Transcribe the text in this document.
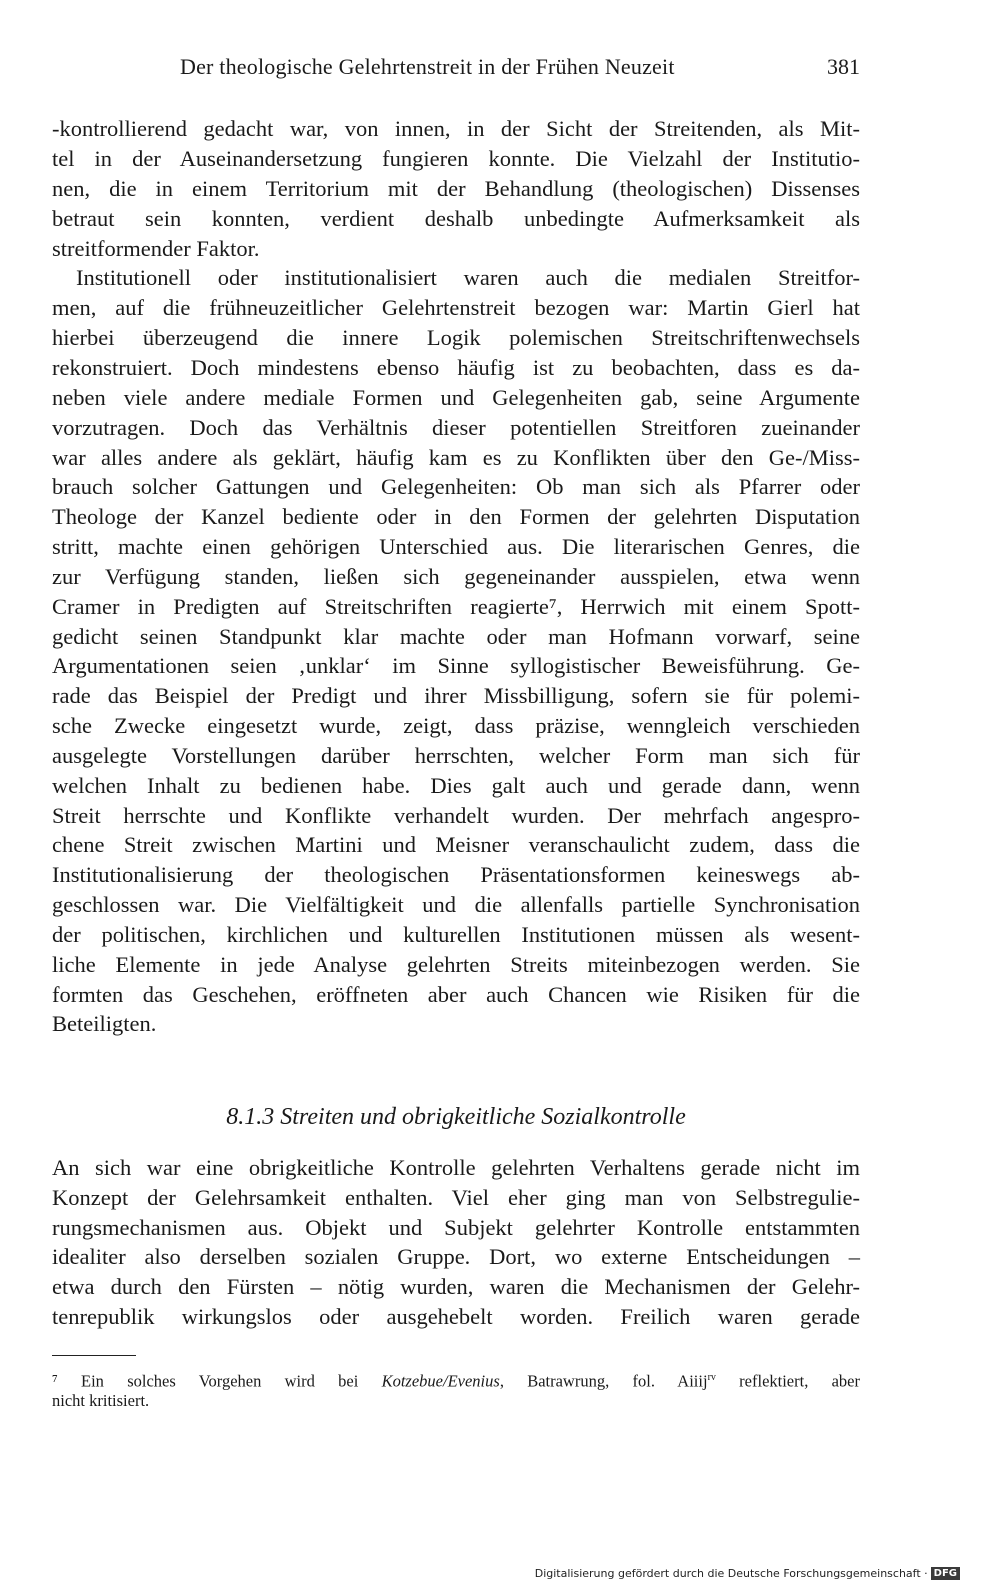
Der theologische Gelehrtenstreit in der Frühen Neuzeit	381
-kontrollierend gedacht war, von innen, in der Sicht der Streitenden, als Mit-
tel in der Auseinandersetzung fungieren konnte. Die Vielzahl der Institutio-
nen, die in einem Territorium mit der Behandlung (theologischen) Dissenses
betraut sein konnten, verdient deshalb unbedingte Aufmerksamkeit als
streitformender Faktor.
Institutionell oder institutionalisiert waren auch die medialen Streitfor-
men, auf die frühneuzeitlicher Gelehrtenstreit bezogen war: Martin Gierl hat
hierbei überzeugend die innere Logik polemischen Streitschriftenwechsels
rekonstruiert. Doch mindestens ebenso häufig ist zu beobachten, dass es da-
neben viele andere mediale Formen und Gelegenheiten gab, seine Argumente
vorzutragen. Doch das Verhältnis dieser potentiellen Streitforen zueinander
war alles andere als geklärt, häufig kam es zu Konflikten über den Ge-/Miss-
brauch solcher Gattungen und Gelegenheiten: Ob man sich als Pfarrer oder
Theologe der Kanzel bediente oder in den Formen der gelehrten Disputation
stritt, machte einen gehörigen Unterschied aus. Die literarischen Genres, die
zur Verfügung standen, ließen sich gegeneinander ausspielen, etwa wenn
Cramer in Predigten auf Streitschriften reagierte⁷, Herrwich mit einem Spott-
gedicht seinen Standpunkt klar machte oder man Hofmann vorwarf, seine
Argumentationen seien ‚unklar‘ im Sinne syllogistischer Beweisführung. Ge-
rade das Beispiel der Predigt und ihrer Missbilligung, sofern sie für polemi-
sche Zwecke eingesetzt wurde, zeigt, dass präzise, wenngleich verschieden
ausgelegte Vorstellungen darüber herrschten, welcher Form man sich für
welchen Inhalt zu bedienen habe. Dies galt auch und gerade dann, wenn
Streit herrschte und Konflikte verhandelt wurden. Der mehrfach angespro-
chene Streit zwischen Martini und Meisner veranschaulicht zudem, dass die
Institutionalisierung der theologischen Präsentationsformen keineswegs ab-
geschlossen war. Die Vielfältigkeit und die allenfalls partielle Synchronisation
der politischen, kirchlichen und kulturellen Institutionen müssen als wesent-
liche Elemente in jede Analyse gelehrten Streits miteinbezogen werden. Sie
formten das Geschehen, eröffneten aber auch Chancen wie Risiken für die
Beteiligten.
8.1.3 Streiten und obrigkeitliche Sozialkontrolle
An sich war eine obrigkeitliche Kontrolle gelehrten Verhaltens gerade nicht im
Konzept der Gelehrsamkeit enthalten. Viel eher ging man von Selbstregulie-
rungsmechanismen aus. Objekt und Subjekt gelehrter Kontrolle entstammten
idealiter also derselben sozialen Gruppe. Dort, wo externe Entscheidungen –
etwa durch den Fürsten – nötig wurden, waren die Mechanismen der Gelehr-
tenrepublik wirkungslos oder ausgehebelt worden. Freilich waren gerade
⁷ Ein solches Vorgehen wird bei Kotzebue/Evenius, Batrawrung, fol. Aiiij$^{rv}$ reflektiert, aber
nicht kritisiert.
Digitalisierung gefördert durch die Deutsche Forschungsgemeinschaft · DFG
